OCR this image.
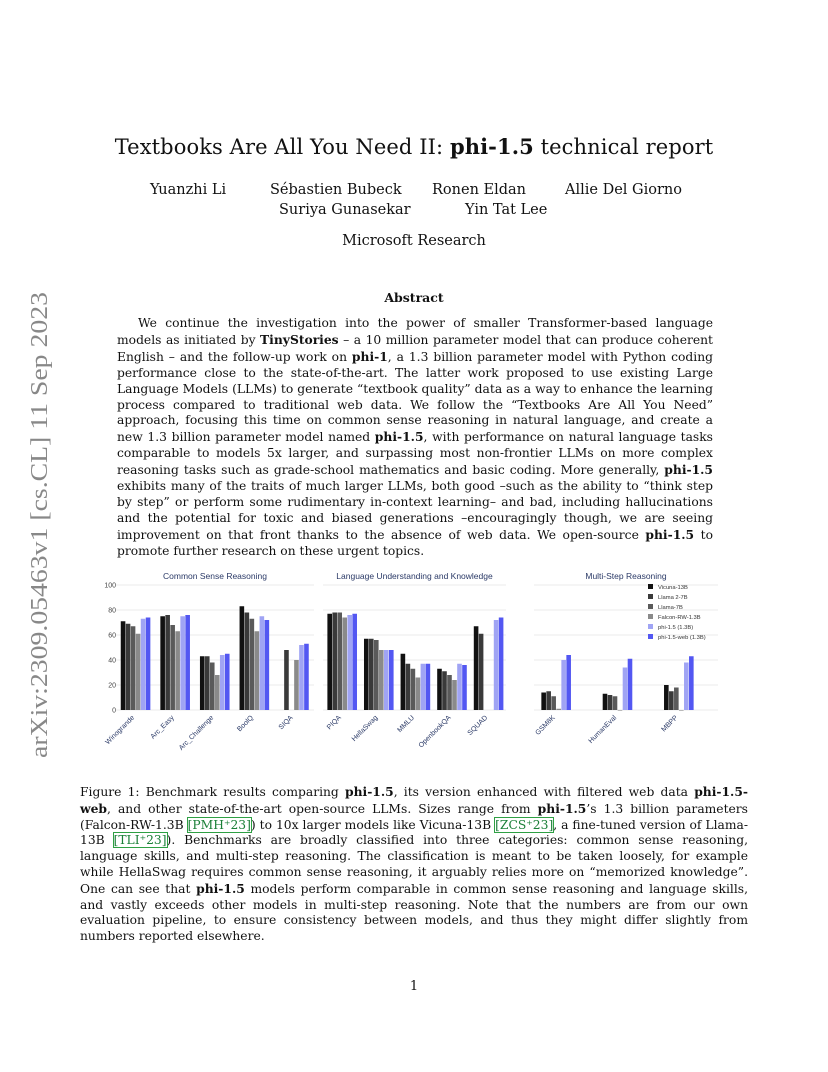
arXiv:2309.05463v1 [cs.CL] 11 Sep 2023
Textbooks Are All You Need II: phi-1.5 technical report
Yuanzhi Li	Sébastien Bubeck Ronen Eldan	Allie Del Giorno
Suriya Gunasekar	Yin Tat Lee
Microsoft Research
Abstract
We continue the investigation into the power of smaller Transformer-based language models as initiated by TinyStories – a 10 million parameter model that can produce coherent English – and the follow-up work on phi-1, a 1.3 billion parameter model with Python coding performance close to the state-of-the-art. The latter work proposed to use existing Large Language Models (LLMs) to generate “textbook quality” data as a way to enhance the learning process compared to traditional web data. We follow the “Textbooks Are All You Need” approach, focusing this time on common sense reasoning in natural language, and create a new 1.3 billion parameter model named phi-1.5, with performance on natural language tasks comparable to models 5x larger, and surpassing most non-frontier LLMs on more complex reasoning tasks such as grade-school mathematics and basic coding. More generally, phi-1.5 exhibits many of the traits of much larger LLMs, both good –such as the ability to “think step by step” or perform some rudimentary in-context learning– and bad, including hallucinations and the potential for toxic and biased generations –encouragingly though, we are seeing improvement on that front thanks to the absence of web data. We open-source phi-1.5 to promote further research on these urgent topics.
0
20
40
60
80
100
Common Sense Reasoning
Winogrande Arc_Easy Arc_Challenge	BoolQ	SIQA
Language Understanding and Knowledge
PIQA HellaSwag MMLU OpenbookQA SQUAD
Multi-Step Reasoning
GSM8K	HumanEval	MBPP
Vicuna-13B
Llama 2-7B
Llama-7B
Falcon-RW-1.3B
phi-1.5 (1.3B)
phi-1.5-web (1.3B)
Figure 1: Benchmark results comparing phi-1.5, its version enhanced with filtered web data phi-1.5-web, and other state-of-the-art open-source LLMs. Sizes range from phi-1.5’s 1.3 billion parameters (Falcon-RW-1.3B [PMH⁺23]) to 10x larger models like Vicuna-13B [ZCS⁺23], a fine-tuned version of Llama-13B [TLI⁺23]). Benchmarks are broadly classified into three categories: common sense reasoning, language skills, and multi-step reasoning. The classification is meant to be taken loosely, for example while HellaSwag requires common sense reasoning, it arguably relies more on “memorized knowledge”. One can see that phi-1.5 models perform comparable in common sense reasoning and language skills, and vastly exceeds other models in multi-step reasoning. Note that the numbers are from our own evaluation pipeline, to ensure consistency between models, and thus they might differ slightly from numbers reported elsewhere.
1
